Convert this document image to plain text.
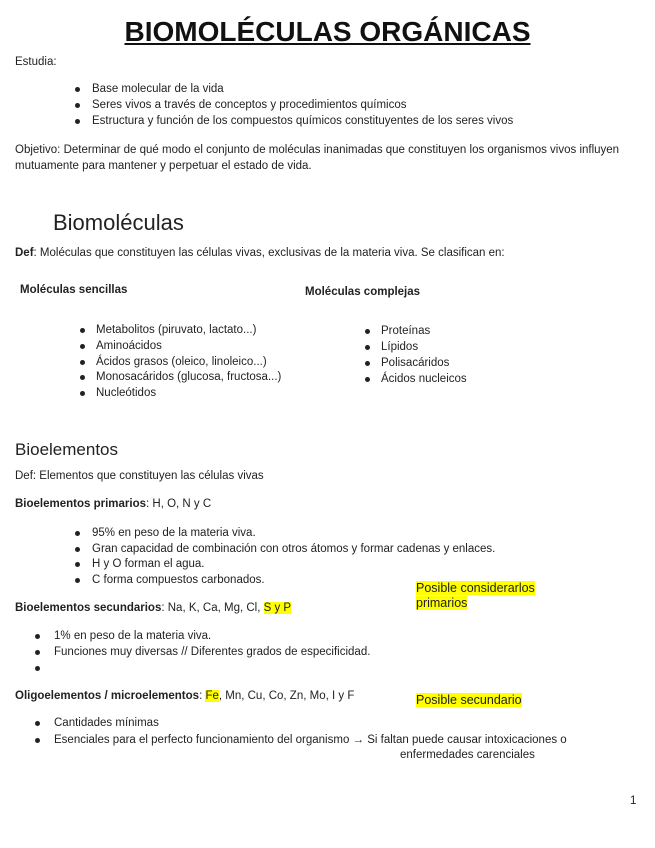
BIOMOLÉCULAS ORGÁNICAS
Estudia:
Base molecular de la vida
Seres vivos a través de conceptos y procedimientos químicos
Estructura y función de los compuestos químicos constituyentes de los seres vivos
Objetivo: Determinar de qué modo el conjunto de moléculas inanimadas que constituyen los organismos vivos influyen
mutuamente para mantener y perpetuar el estado de vida.
Biomoléculas
Def: Moléculas que constituyen las células vivas, exclusivas de la materia viva. Se clasifican en:
Moléculas sencillas	Moléculas complejas
Metabolitos (piruvato, lactato...)
Aminoácidos
Ácidos grasos (oleico, linoleico...)
Monosacáridos (glucosa, fructosa...)
Nucleótidos
Proteínas
Lípidos
Polisacáridos
Ácidos nucleicos
Bioelementos
Def: Elementos que constituyen las células vivas
Bioelementos primarios: H, O, N y C
95% en peso de la materia viva.
Gran capacidad de combinación con otros átomos y formar cadenas y enlaces.
H y O forman el agua.
C forma compuestos carbonados.
Posible considerarlos
primarios
Bioelementos secundarios: Na, K, Ca, Mg, Cl, S y P
1% en peso de la materia viva.
Funciones muy diversas // Diferentes grados de especificidad.
Oligoelementos / microelementos: Fe, Mn, Cu, Co, Zn, Mo, I y F	Posible secundario
Cantidades mínimas
Esenciales para el perfecto funcionamiento del organismo → Si faltan puede causar intoxicaciones o
enfermedades carenciales
1
